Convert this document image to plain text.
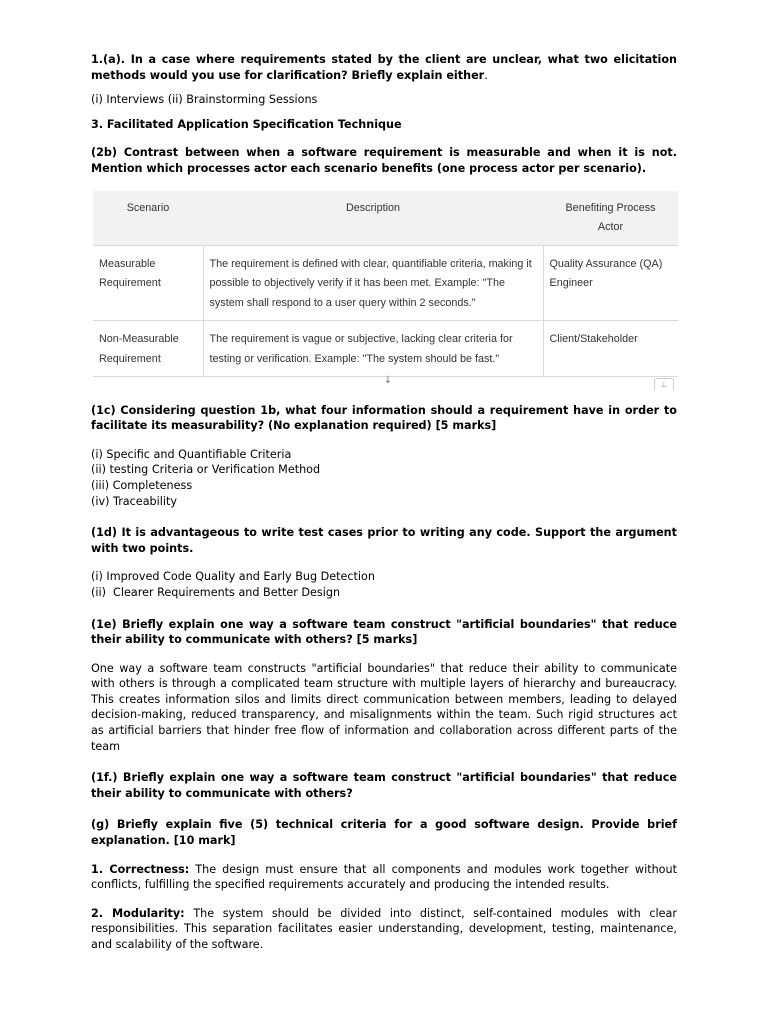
1.(a). In a case where requirements stated by the client are unclear, what two elicitation methods would you use for clarification? Briefly explain either.

(i) Interviews (ii) Brainstorming Sessions

3. Facilitated Application Specification Technique

(2b) Contrast between when a software requirement is measurable and when it is not. Mention which processes actor each scenario benefits (one process actor per scenario).

Scenario	Description	Benefiting Process Actor
Measurable Requirement	The requirement is defined with clear, quantifiable criteria, making it possible to objectively verify if it has been met. Example: "The system shall respond to a user query within 2 seconds."	Quality Assurance (QA) Engineer
Non-Measurable Requirement	The requirement is vague or subjective, lacking clear criteria for testing or verification. Example: "The system should be fast."	Client/Stakeholder
↓	⊥

(1c) Considering question 1b, what four information should a requirement have in order to facilitate its measurability? (No explanation required) [5 marks]

(i) Specific and Quantifiable Criteria

(ii) testing Criteria or Verification Method

(iii) Completeness

(iv) Traceability

(1d) It is advantageous to write test cases prior to writing any code. Support the argument with two points.

(i) Improved Code Quality and Early Bug Detection

(ii)  Clearer Requirements and Better Design

(1e) Briefly explain one way a software team construct "artificial boundaries" that reduce their ability to communicate with others? [5 marks]

One way a software team constructs "artificial boundaries" that reduce their ability to communicate with others is through a complicated team structure with multiple layers of hierarchy and bureaucracy. This creates information silos and limits direct communication between members, leading to delayed decision-making, reduced transparency, and misalignments within the team. Such rigid structures act as artificial barriers that hinder free flow of information and collaboration across different parts of the team

(1f.) Briefly explain one way a software team construct "artificial boundaries" that reduce their ability to communicate with others?

(g) Briefly explain five (5) technical criteria for a good software design. Provide brief explanation. [10 mark]

1. Correctness: The design must ensure that all components and modules work together without conflicts, fulfilling the specified requirements accurately and producing the intended results.

2. Modularity: The system should be divided into distinct, self-contained modules with clear responsibilities. This separation facilitates easier understanding, development, testing, maintenance, and scalability of the software.
